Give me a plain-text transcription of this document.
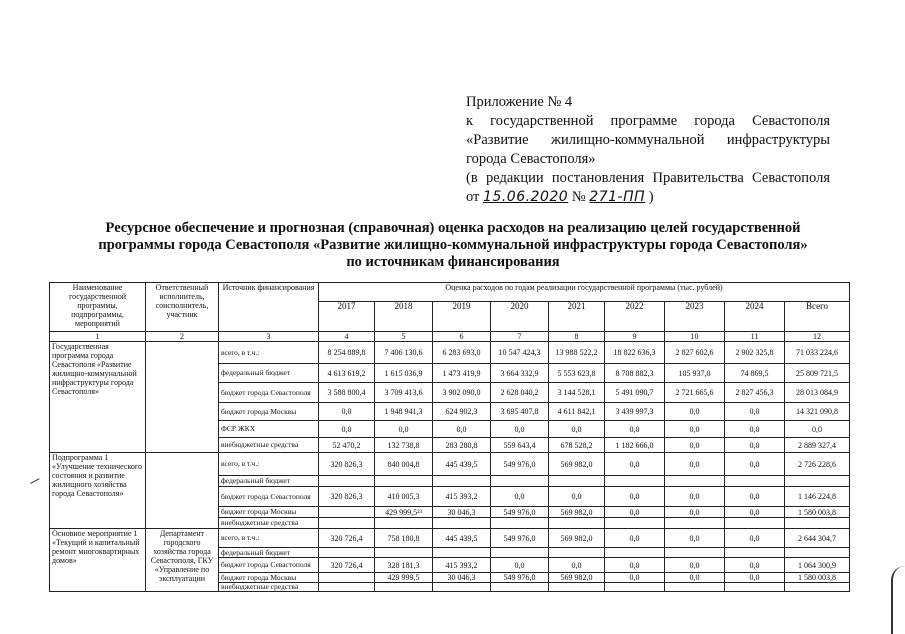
Приложение № 4
к государственной программе города Севастополя
«Развитие жилищно-коммунальной инфраструктуры
города Севастополя»
(в редакции постановления Правительства Севастополя
от 15.06.2020 № 271-ПП )
Ресурсное обеспечение и прогнозная (справочная) оценка расходов на реализацию целей государственной
программы города Севастополя «Развитие жилищно-коммунальной инфраструктуры города Севастополя»
по источникам финансирования
Наименование государственной программы, подпрограммы, мероприятий	Ответственный исполнитель, соисполнитель, участник	Источник финансирования	Оценка расходов по годам реализации государственной программы (тыс. рублей)								
			2017	2018	2019	2020	2021	2022	2023	2024	Всего
1	2	3	4	5	6	7	8	9	10	11	12
Государственная программа города Севастополя «Развитие жилищно-коммунальной инфраструктуры города Севастополя»		всего, в т.ч.:	8 254 889,8	7 406 130,6	6 283 693,0	10 547 424,3	13 988 522,2	18 822 636,3	2 827 602,6	2 902 325,8	71 033 224,6
		федеральный бюджет	4 613 619,2	1 615 036,9	1 473 419,9	3 664 332,9	5 553 623,8	8 708 882,3	105 937,0	74 869,5	25 809 721,5
		бюджет города Севастополя	3 588 800,4	3 709 413,6	3 902 090,0	2 628 040,2	3 144 528,1	5 491 090,7	2 721 665,6	2 827 456,3	28 013 084,9
		бюджет города Москвы	0,0	1 948 941,3	624 902,3	3 695 407,8	4 611 842,1	3 439 997,3	0,0	0,0	14 321 090,8
		ФСР ЖКХ	0,0	0,0	0,0	0,0	0,0	0,0	0,0	0,0	0,0
		внебюджетные средства	52 470,2	132 738,8	283 280,8	559 643,4	678 528,2	1 182 666,0	0,0	0,0	2 889 327,4
Подпрограмма 1 «Улучшение технического состояния и развитие жилищного хозяйства города Севастополя»		всего, в т.ч.:	320 826,3	840 004,8	445 439,5	549 976,0	569 982,0	0,0	0,0	0,0	2 726 228,6
		федеральный бюджет									
		бюджет города Севастополя	320 826,3	410 005,3	415 393,2	0,0	0,0	0,0	0,0	0,0	1 146 224,8
		бюджет города Москвы		429 999,5²³	30 046,3	549 976,0	569 982,0	0,0	0,0	0,0	1 580 003,8
		внебюджетные средства									
Основное мероприятие 1 «Текущий и капитальный ремонт многоквартирных домов»	Департамент городского хозяйства города Севастополя, ГКУ «Управление по эксплуатации	всего, в т.ч.:	320 726,4	758 180,8	445 439,5	549 976,0	569 982,0	0,0	0,0	0,0	2 644 304,7
		федеральный бюджет									
		бюджет города Севастополя	320 726,4	328 181,3	415 393,2	0,0	0,0	0,0	0,0	0,0	1 064 300,9
		бюджет города Москвы		429 999,5	30 046,3	549 976,0	569 982,0	0,0	0,0	0,0	1 580 003,8
		внебюджетные средства									
